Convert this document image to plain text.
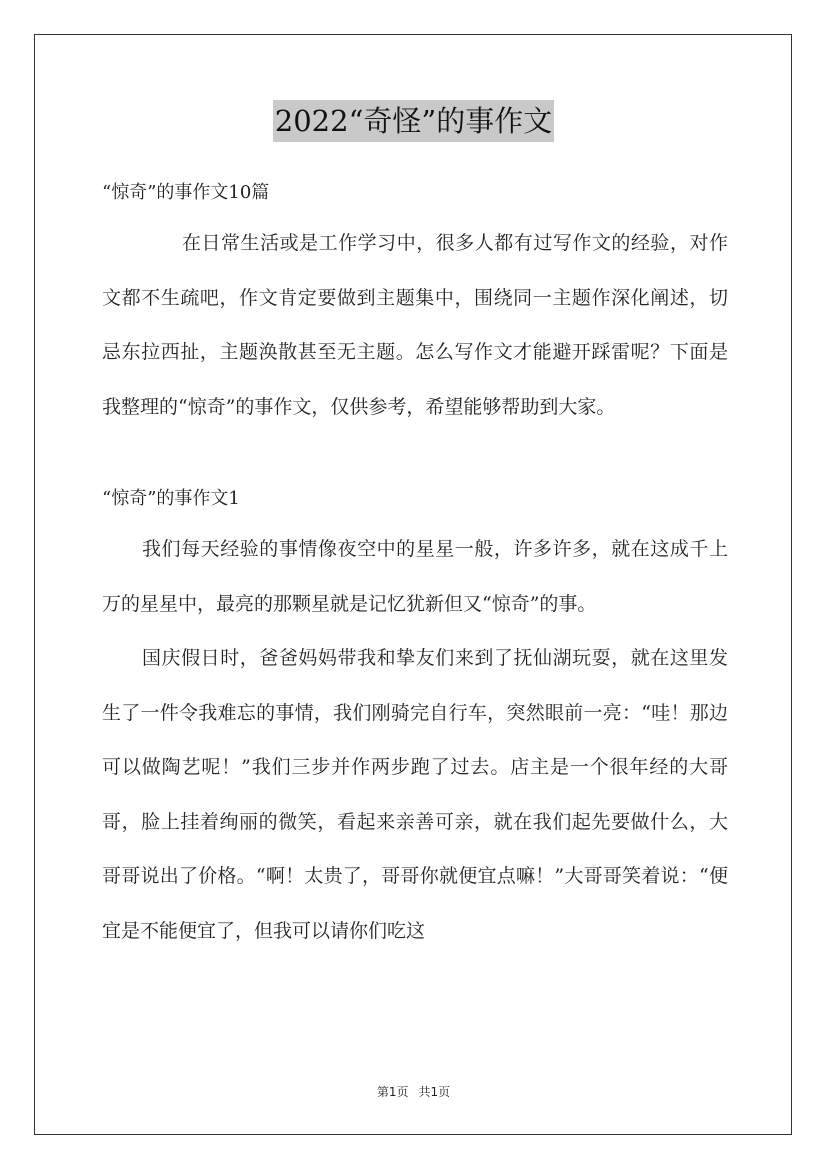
2022“奇怪”的事作文

“惊奇”的事作文10篇

在日常生活或是工作学习中，很多人都有过写作文的经验，对作文都不生疏吧，作文肯定要做到主题集中，围绕同一主题作深化阐述，切忌东拉西扯，主题涣散甚至无主题。怎么写作文才能避开踩雷呢？下面是我整理的“惊奇”的事作文，仅供参考，希望能够帮助到大家。

“惊奇”的事作文1

我们每天经验的事情像夜空中的星星一般，许多许多，就在这成千上万的星星中，最亮的那颗星就是记忆犹新但又“惊奇”的事。

国庆假日时，爸爸妈妈带我和挚友们来到了抚仙湖玩耍，就在这里发生了一件令我难忘的事情，我们刚骑完自行车，突然眼前一亮：“哇！那边可以做陶艺呢！”我们三步并作两步跑了过去。店主是一个很年经的大哥哥，脸上挂着绚丽的微笑，看起来亲善可亲，就在我们起先要做什么，大哥哥说出了价格。“啊！太贵了，哥哥你就便宜点嘛！”大哥哥笑着说：“便宜是不能便宜了，但我可以请你们吃这

第1页 共1页
